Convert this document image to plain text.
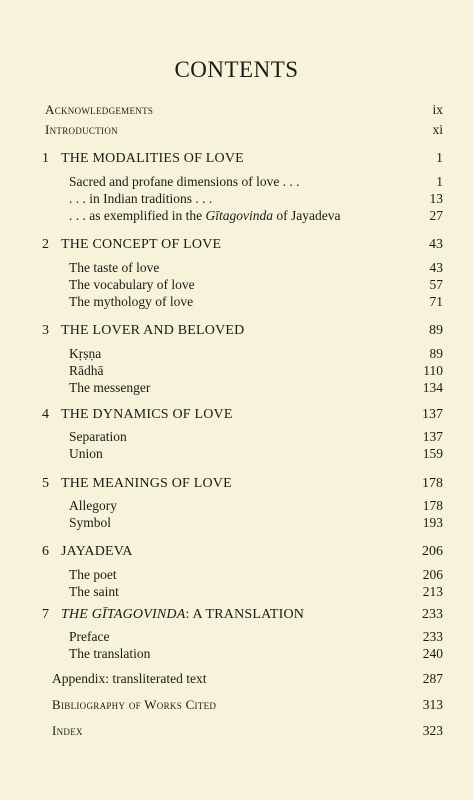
CONTENTS
Acknowledgements	ix
Introduction	xi
1 THE MODALITIES OF LOVE	1
Sacred and profane dimensions of love . . .	1
. . . in Indian traditions . . .	13
. . . as exemplified in the Gītagovinda of Jayadeva	27
2 THE CONCEPT OF LOVE	43
The taste of love	43
The vocabulary of love	57
The mythology of love	71
3 THE LOVER AND BELOVED	89
Kṛṣṇa	89
Rādhā	110
The messenger	134
4 THE DYNAMICS OF LOVE	137
Separation	137
Union	159
5 THE MEANINGS OF LOVE	178
Allegory	178
Symbol	193
6 JAYADEVA	206
The poet	206
The saint	213
7 THE GĪTAGOVINDA: A TRANSLATION	233
Preface	233
The translation	240
Appendix: transliterated text	287
Bibliography of Works Cited	313
Index	323
